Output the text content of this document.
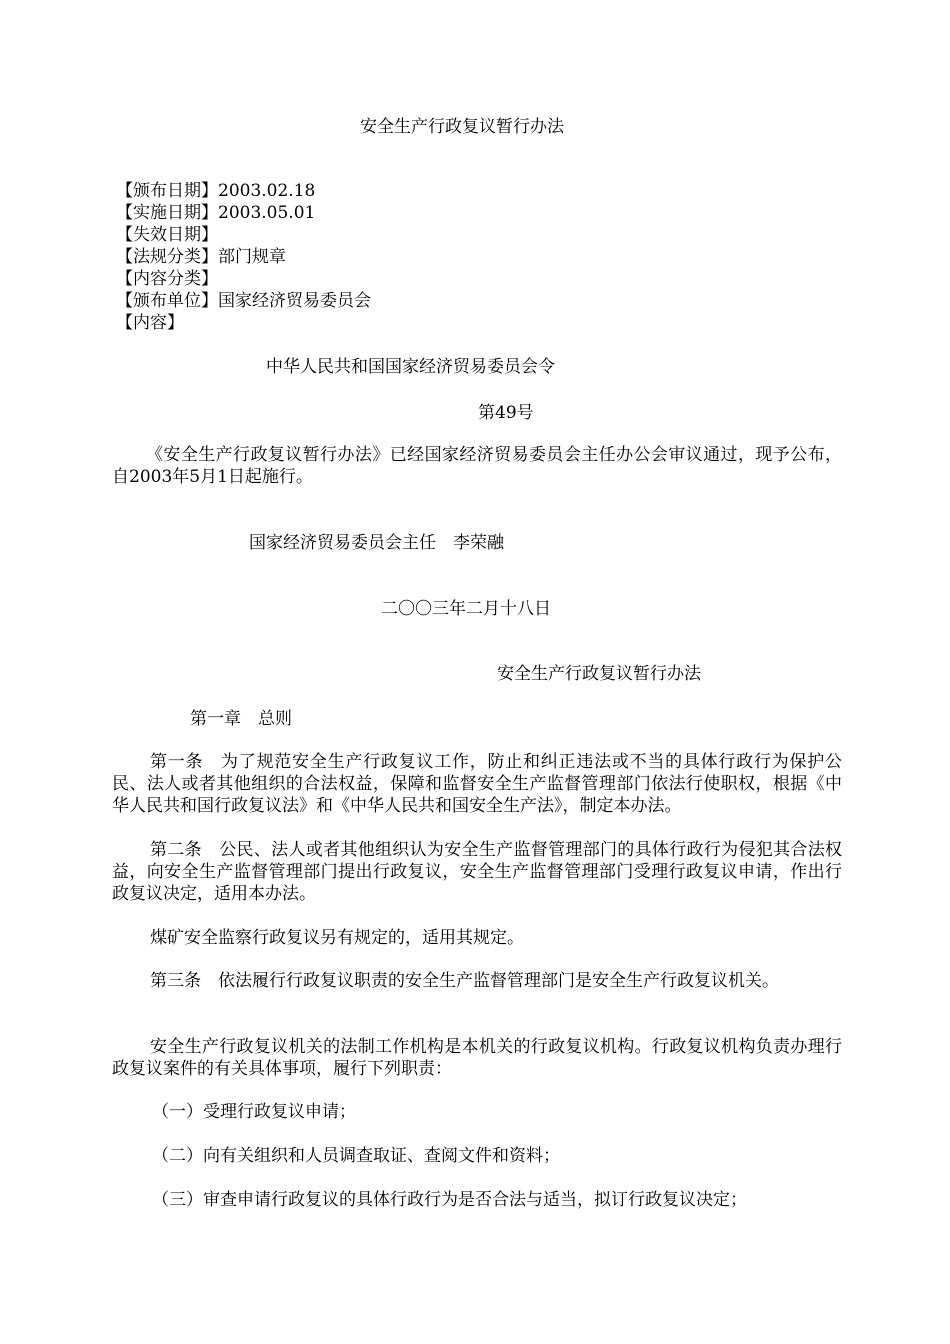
安全生产行政复议暂行办法
【颁布日期】2003.02.18
【实施日期】2003.05.01
【失效日期】
【法规分类】部门规章
【内容分类】
【颁布单位】国家经济贸易委员会
【内容】
中华人民共和国国家经济贸易委员会令
第49号
《安全生产行政复议暂行办法》已经国家经济贸易委员会主任办公会审议通过，现予公布，自2003年5月1日起施行。
国家经济贸易委员会主任　李荣融
二〇〇三年二月十八日
安全生产行政复议暂行办法
第一章　总则
第一条　为了规范安全生产行政复议工作，防止和纠正违法或不当的具体行政行为保护公民、法人或者其他组织的合法权益，保障和监督安全生产监督管理部门依法行使职权，根据《中华人民共和国行政复议法》和《中华人民共和国安全生产法》，制定本办法。
第二条　公民、法人或者其他组织认为安全生产监督管理部门的具体行政行为侵犯其合法权益，向安全生产监督管理部门提出行政复议，安全生产监督管理部门受理行政复议申请，作出行政复议决定，适用本办法。
煤矿安全监察行政复议另有规定的，适用其规定。
第三条　依法履行行政复议职责的安全生产监督管理部门是安全生产行政复议机关。
安全生产行政复议机关的法制工作机构是本机关的行政复议机构。行政复议机构负责办理行政复议案件的有关具体事项，履行下列职责：
（一）受理行政复议申请；
（二）向有关组织和人员调查取证、查阅文件和资料；
（三）审查申请行政复议的具体行政行为是否合法与适当，拟订行政复议决定；
